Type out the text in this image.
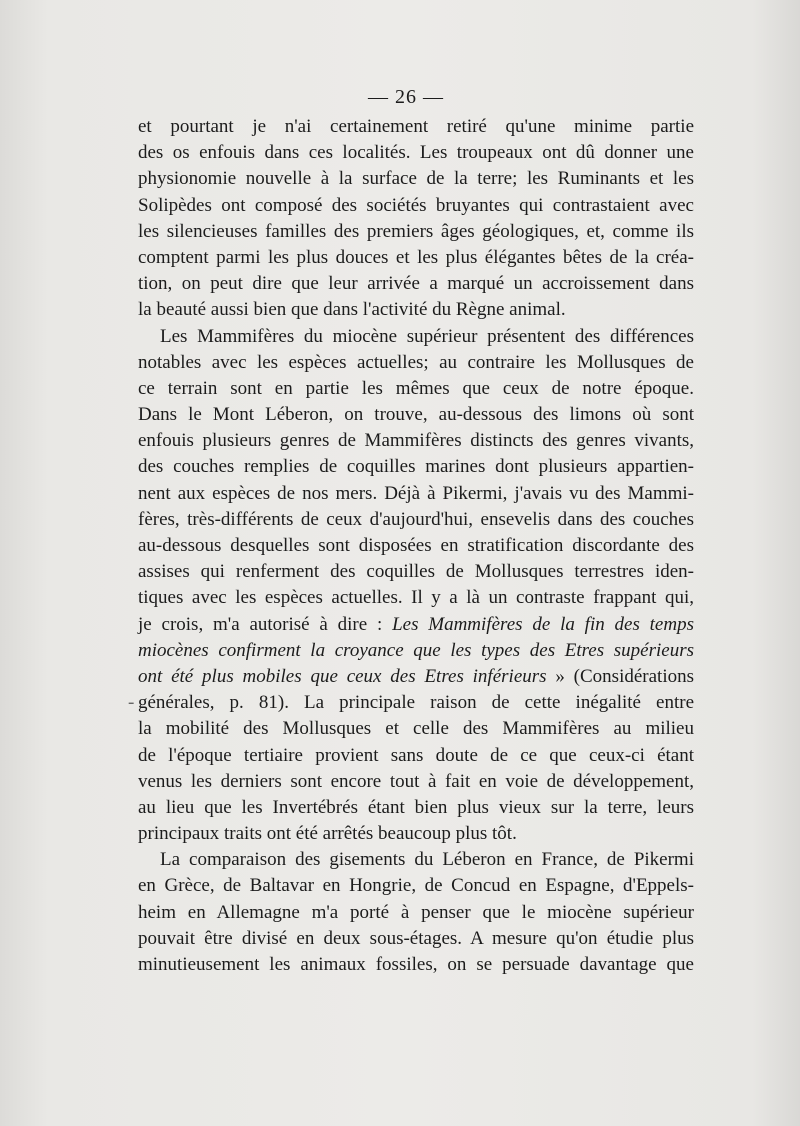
— 26 —
et pourtant je n'ai certainement retiré qu'une minime partie
des os enfouis dans ces localités. Les troupeaux ont dû donner une
physionomie nouvelle à la surface de la terre; les Ruminants et les
Solipèdes ont composé des sociétés bruyantes qui contrastaient avec
les silencieuses familles des premiers âges géologiques, et, comme ils
comptent parmi les plus douces et les plus élégantes bêtes de la créa-
tion, on peut dire que leur arrivée a marqué un accroissement dans
la beauté aussi bien que dans l'activité du Règne animal.
Les Mammifères du miocène supérieur présentent des différences
notables avec les espèces actuelles; au contraire les Mollusques de
ce terrain sont en partie les mêmes que ceux de notre époque.
Dans le Mont Léberon, on trouve, au-dessous des limons où sont
enfouis plusieurs genres de Mammifères distincts des genres vivants,
des couches remplies de coquilles marines dont plusieurs appartien-
nent aux espèces de nos mers. Déjà à Pikermi, j'avais vu des Mammi-
fères, très-différents de ceux d'aujourd'hui, ensevelis dans des couches
au-dessous desquelles sont disposées en stratification discordante des
assises qui renferment des coquilles de Mollusques terrestres iden-
tiques avec les espèces actuelles. Il y a là un contraste frappant qui,
je crois, m'a autorisé à dire : Les Mammifères de la fin des temps
miocènes confirment la croyance que les types des Etres supérieurs
ont été plus mobiles que ceux des Etres inférieurs » (Considérations
- générales, p. 81). La principale raison de cette inégalité entre
la mobilité des Mollusques et celle des Mammifères au milieu
de l'époque tertiaire provient sans doute de ce que ceux-ci étant
venus les derniers sont encore tout à fait en voie de développement,
au lieu que les Invertébrés étant bien plus vieux sur la terre, leurs
principaux traits ont été arrêtés beaucoup plus tôt.
La comparaison des gisements du Léberon en France, de Pikermi
en Grèce, de Baltavar en Hongrie, de Concud en Espagne, d'Eppels-
heim en Allemagne m'a porté à penser que le miocène supérieur
pouvait être divisé en deux sous-étages. A mesure qu'on étudie plus
minutieusement les animaux fossiles, on se persuade davantage que
